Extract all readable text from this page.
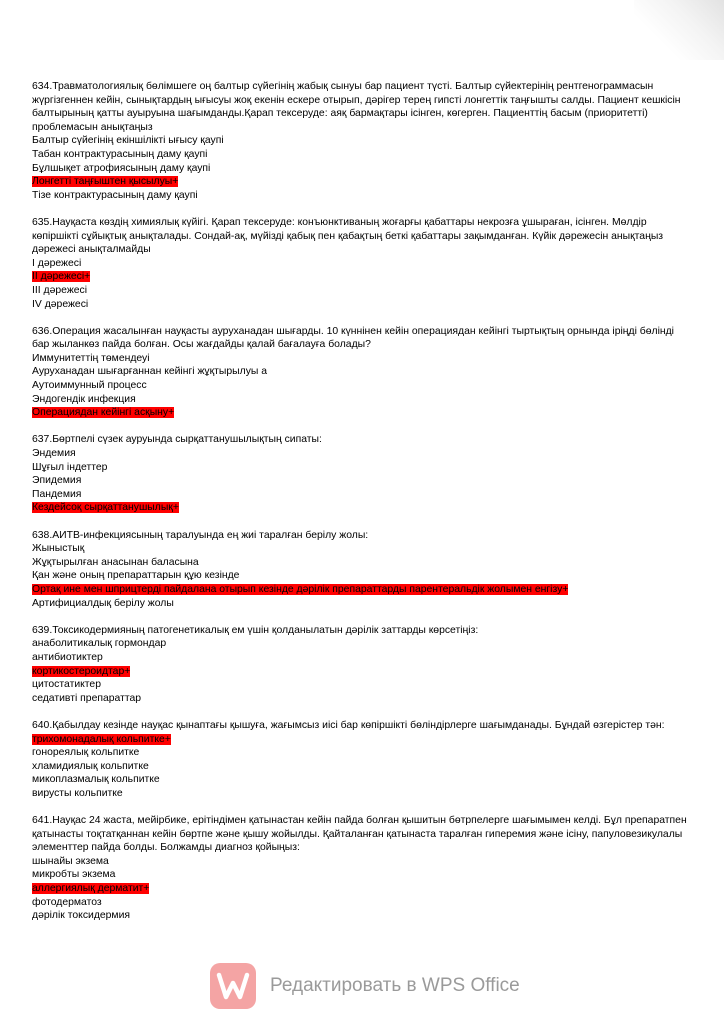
634.Травматологиялық бөлімшеге оң балтыр сүйегінің жабық сынуы бар пациент түсті. Балтыр сүйектерінің рентгенограммасын жүргізгеннен кейін, сынықтардың ығысуы жоқ екенін ескере отырып, дәрігер терең гипсті лонгеттік таңғышты салды. Пациент кешкісін балтырының қатты ауыруына шағымданды.Қарап тексеруде: аяқ бармақтары ісінген, көгерген. Пациенттің басым (приоритетті) проблемасын анықтаңыз

Балтыр сүйегінің екіншілікті ығысу қаупі

Табан контрактурасының даму қаупі

Бұлшықет атрофиясының даму қаупі

Лонгетті таңғыштен қысылуы+

Тізе контрактурасының даму қаупі

635.Науқаста көздің химиялық күйігі. Қарап тексеруде: конъюнктиваның жоғарғы қабаттары некрозға ұшыраған, ісінген. Мөлдір көпіршікті сұйықтық анықталады. Сондай-ақ, мүйізді қабық пен қабақтың беткі қабаттары зақымданған. Күйік дәрежесін анықтаңыз

дәрежесі анықталмайды

I дәрежесі

II дәрежесі+

III дәрежесі

IV дәрежесі

636.Операция жасалынған науқасты ауруханадан шығарды. 10 күннінен кейін операциядан кейінгі тыртықтың орнында іріңді бөлінді бар жыланкөз пайда болған. Осы жағдайды қалай бағалауға болады?

Иммунитеттің төмендеуі

Ауруханадан шығарғаннан кейінгі жұқтырылуы а

Аутоиммунный процесс

Эндогендік инфекция

Операциядан кейінгі асқыну+

637.Бөртпелі сүзек ауруында сырқаттанушылықтың сипаты:

Эндемия

Шұғыл індеттер

Эпидемия

Пандемия

Кездейсоқ сырқаттанушылық+

638.АИТВ-инфекциясының таралуында ең жиі таралған берілу жолы:

Жыныстық

Жұқтырылған анасынан баласына

Қан және оның препараттарын құю кезінде

Ортақ ине мен шприцтерді пайдалана отырып кезінде дәрілік препараттарды парентеральдік жолымен енгізу+

Артифициалдық берілу жолы

639.Токсикодермияның патогенетикалық ем үшін қолданылатын дәрілік заттарды көрсетіңіз:

анаболитикалық гормондар

антибиотиктер

кортикостероидтар+

цитостатиктер

седативті препараттар

640.Қабылдау кезінде науқас қынаптағы қышуға, жағымсыз иісі бар көпіршікті бөліндірлерге шағымданады. Бұндай өзгерістер тән:

трихомонадалық кольпитке+

гонореялық кольпитке

хламидиялық кольпитке

микоплазмалық кольпитке

вирусты кольпитке

641.Науқас 24 жаста, мейірбике, ерітіндімен қатынастан кейін пайда болған қышитын бөтрпелерге шағымымен келді. Бұл препаратпен қатынасты тоқтатқаннан кейін бөртпе және қышу жойылды. Қайталанған қатынаста таралған гиперемия және ісіну, папуловезикулалы элементтер пайда болды. Болжамды диагноз қойыңыз:

шынайы экзема

микробты экзема

аллергиялық дерматит+

фотодерматоз

дәрілік токсидермия

Редактировать в WPS Office
